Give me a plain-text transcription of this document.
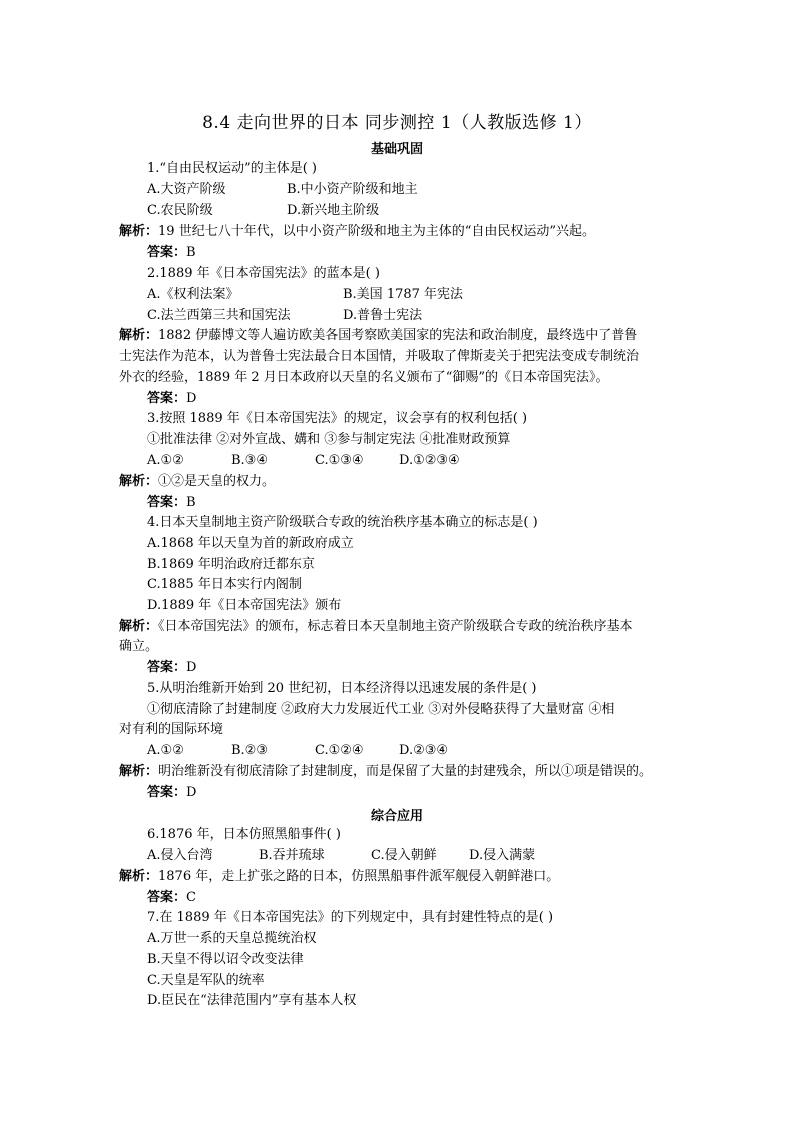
8.4 走向世界的日本 同步测控 1（人教版选修 1）
基础巩固
1.“自由民权运动”的主体是( )
A.大资产阶级	B.中小资产阶级和地主
C.农民阶级	D.新兴地主阶级
解析：19 世纪七八十年代，以中小资产阶级和地主为主体的“自由民权运动”兴起。
答案：B
2.1889 年《日本帝国宪法》的蓝本是( )
A.《权利法案》	B.美国 1787 年宪法
C.法兰西第三共和国宪法	D.普鲁士宪法
解析：1882 伊藤博文等人遍访欧美各国考察欧美国家的宪法和政治制度，最终选中了普鲁
士宪法作为范本，认为普鲁士宪法最合日本国情，并吸取了俾斯麦关于把宪法变成专制统治
外衣的经验，1889 年 2 月日本政府以天皇的名义颁布了“御赐”的《日本帝国宪法》。
答案：D
3.按照 1889 年《日本帝国宪法》的规定，议会享有的权利包括( )
①批准法律 ②对外宣战、媾和 ③参与制定宪法 ④批准财政预算
A.①②	B.③④	C.①③④	D.①②③④
解析：①②是天皇的权力。
答案：B
4.日本天皇制地主资产阶级联合专政的统治秩序基本确立的标志是( )
A.1868 年以天皇为首的新政府成立
B.1869 年明治政府迁都东京
C.1885 年日本实行内阁制
D.1889 年《日本帝国宪法》颁布
解析：《日本帝国宪法》的颁布，标志着日本天皇制地主资产阶级联合专政的统治秩序基本
确立。
答案：D
5.从明治维新开始到 20 世纪初，日本经济得以迅速发展的条件是( )
①彻底清除了封建制度 ②政府大力发展近代工业 ③对外侵略获得了大量财富 ④相
对有利的国际环境
A.①②	B.②③	C.①②④	D.②③④
解析：明治维新没有彻底清除了封建制度，而是保留了大量的封建残余，所以①项是错误的。
答案：D
综合应用
6.1876 年，日本仿照黑船事件( )
A.侵入台湾	B.吞并琉球	C.侵入朝鲜 D.侵入满蒙
解析：1876 年，走上扩张之路的日本，仿照黑船事件派军舰侵入朝鲜港口。
答案：C
7.在 1889 年《日本帝国宪法》的下列规定中，具有封建性特点的是( )
A.万世一系的天皇总揽统治权
B.天皇不得以诏令改变法律
C.天皇是军队的统率
D.臣民在“法律范围内”享有基本人权
